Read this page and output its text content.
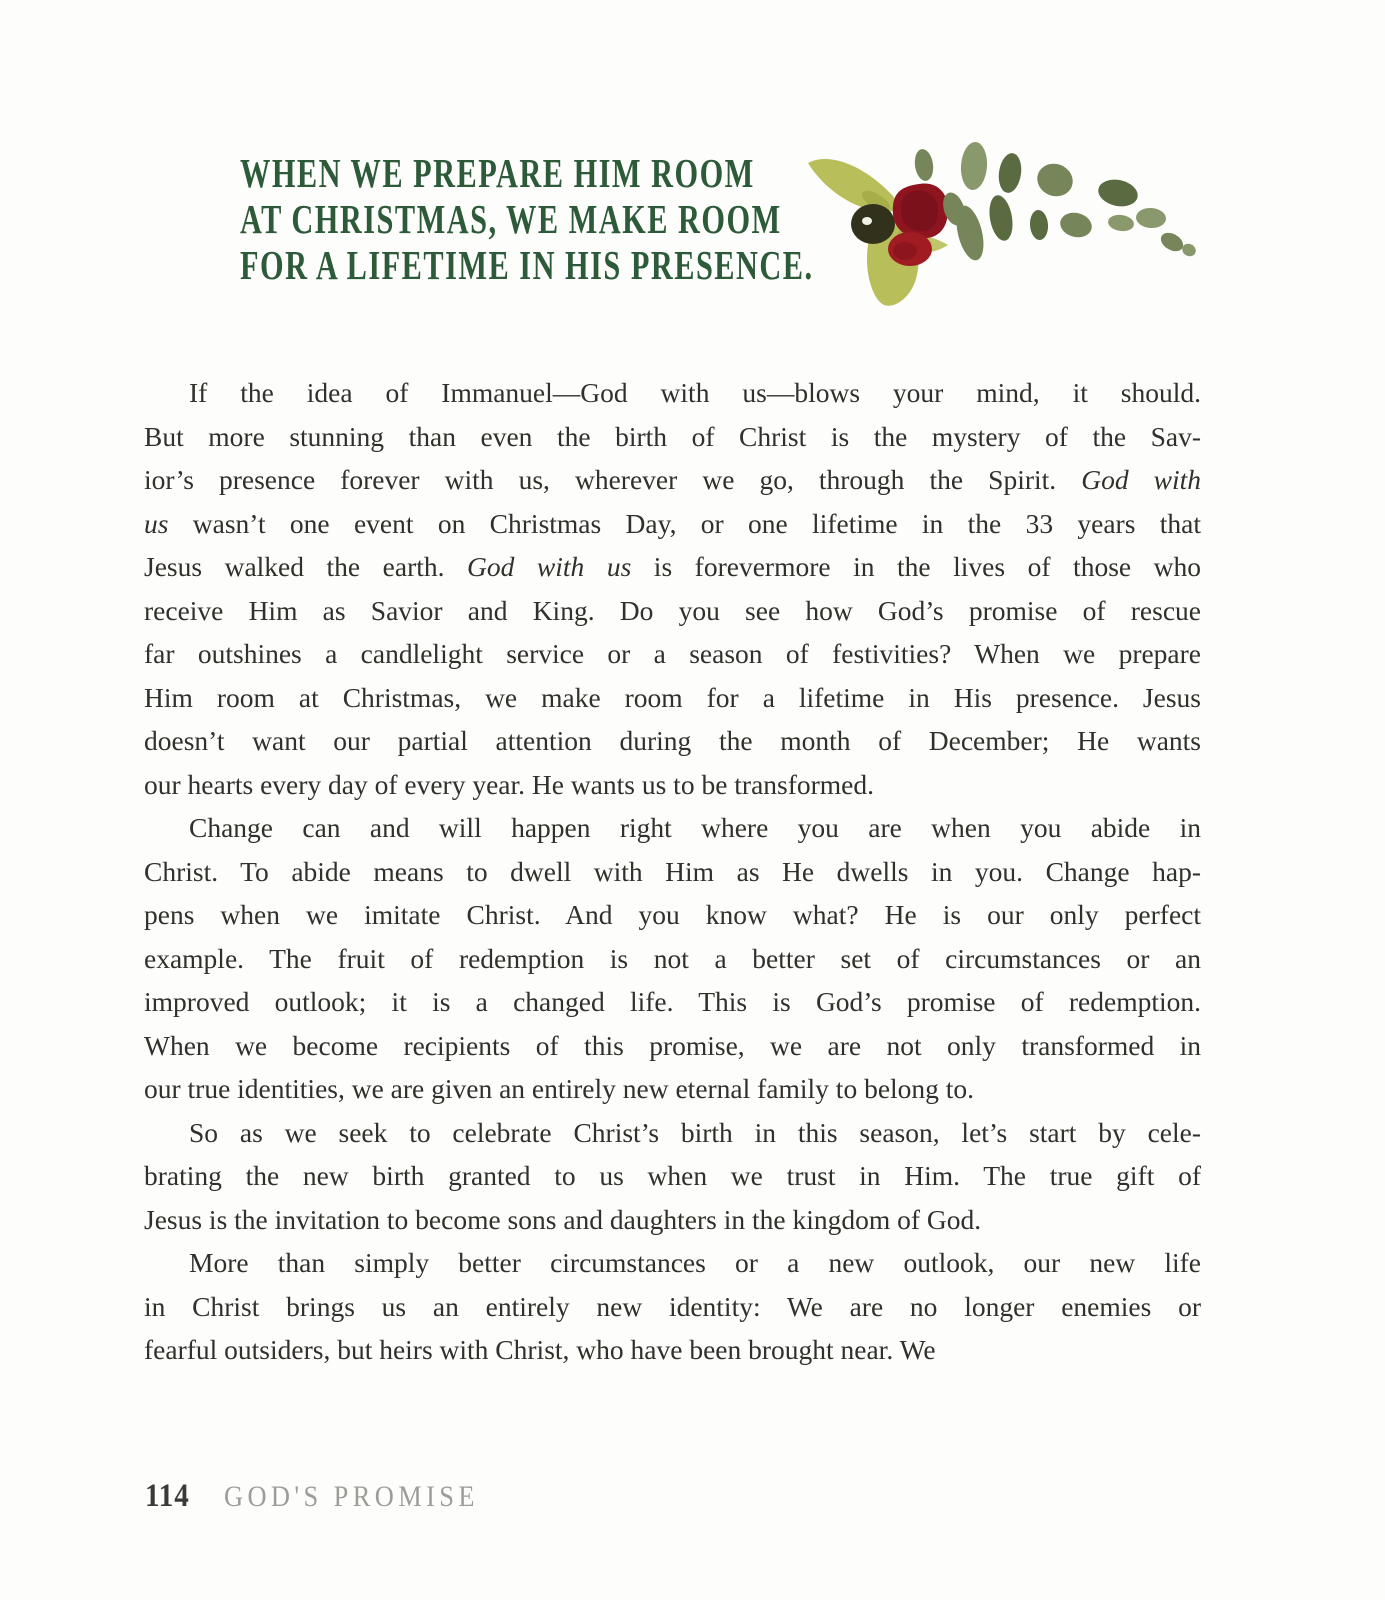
WHEN WE PREPARE HIM ROOM
AT CHRISTMAS, WE MAKE ROOM
FOR A LIFETIME IN HIS PRESENCE.
If the idea of Immanuel—God with us—blows your mind, it should.
But more stunning than even the birth of Christ is the mystery of the Sav-
ior’s presence forever with us, wherever we go, through the Spirit. God with
us wasn’t one event on Christmas Day, or one lifetime in the 33 years that
Jesus walked the earth. God with us is forevermore in the lives of those who
receive Him as Savior and King. Do you see how God’s promise of rescue
far outshines a candlelight service or a season of festivities? When we prepare
Him room at Christmas, we make room for a lifetime in His presence. Jesus
doesn’t want our partial attention during the month of December; He wants
our hearts every day of every year. He wants us to be transformed.
Change can and will happen right where you are when you abide in
Christ. To abide means to dwell with Him as He dwells in you. Change hap-
pens when we imitate Christ. And you know what? He is our only perfect
example. The fruit of redemption is not a better set of circumstances or an
improved outlook; it is a changed life. This is God’s promise of redemption.
When we become recipients of this promise, we are not only transformed in
our true identities, we are given an entirely new eternal family to belong to.
So as we seek to celebrate Christ’s birth in this season, let’s start by cele-
brating the new birth granted to us when we trust in Him. The true gift of
Jesus is the invitation to become sons and daughters in the kingdom of God.
More than simply better circumstances or a new outlook, our new life
in Christ brings us an entirely new identity: We are no longer enemies or
fearful outsiders, but heirs with Christ, who have been brought near. We
114 GOD'S PROMISE
